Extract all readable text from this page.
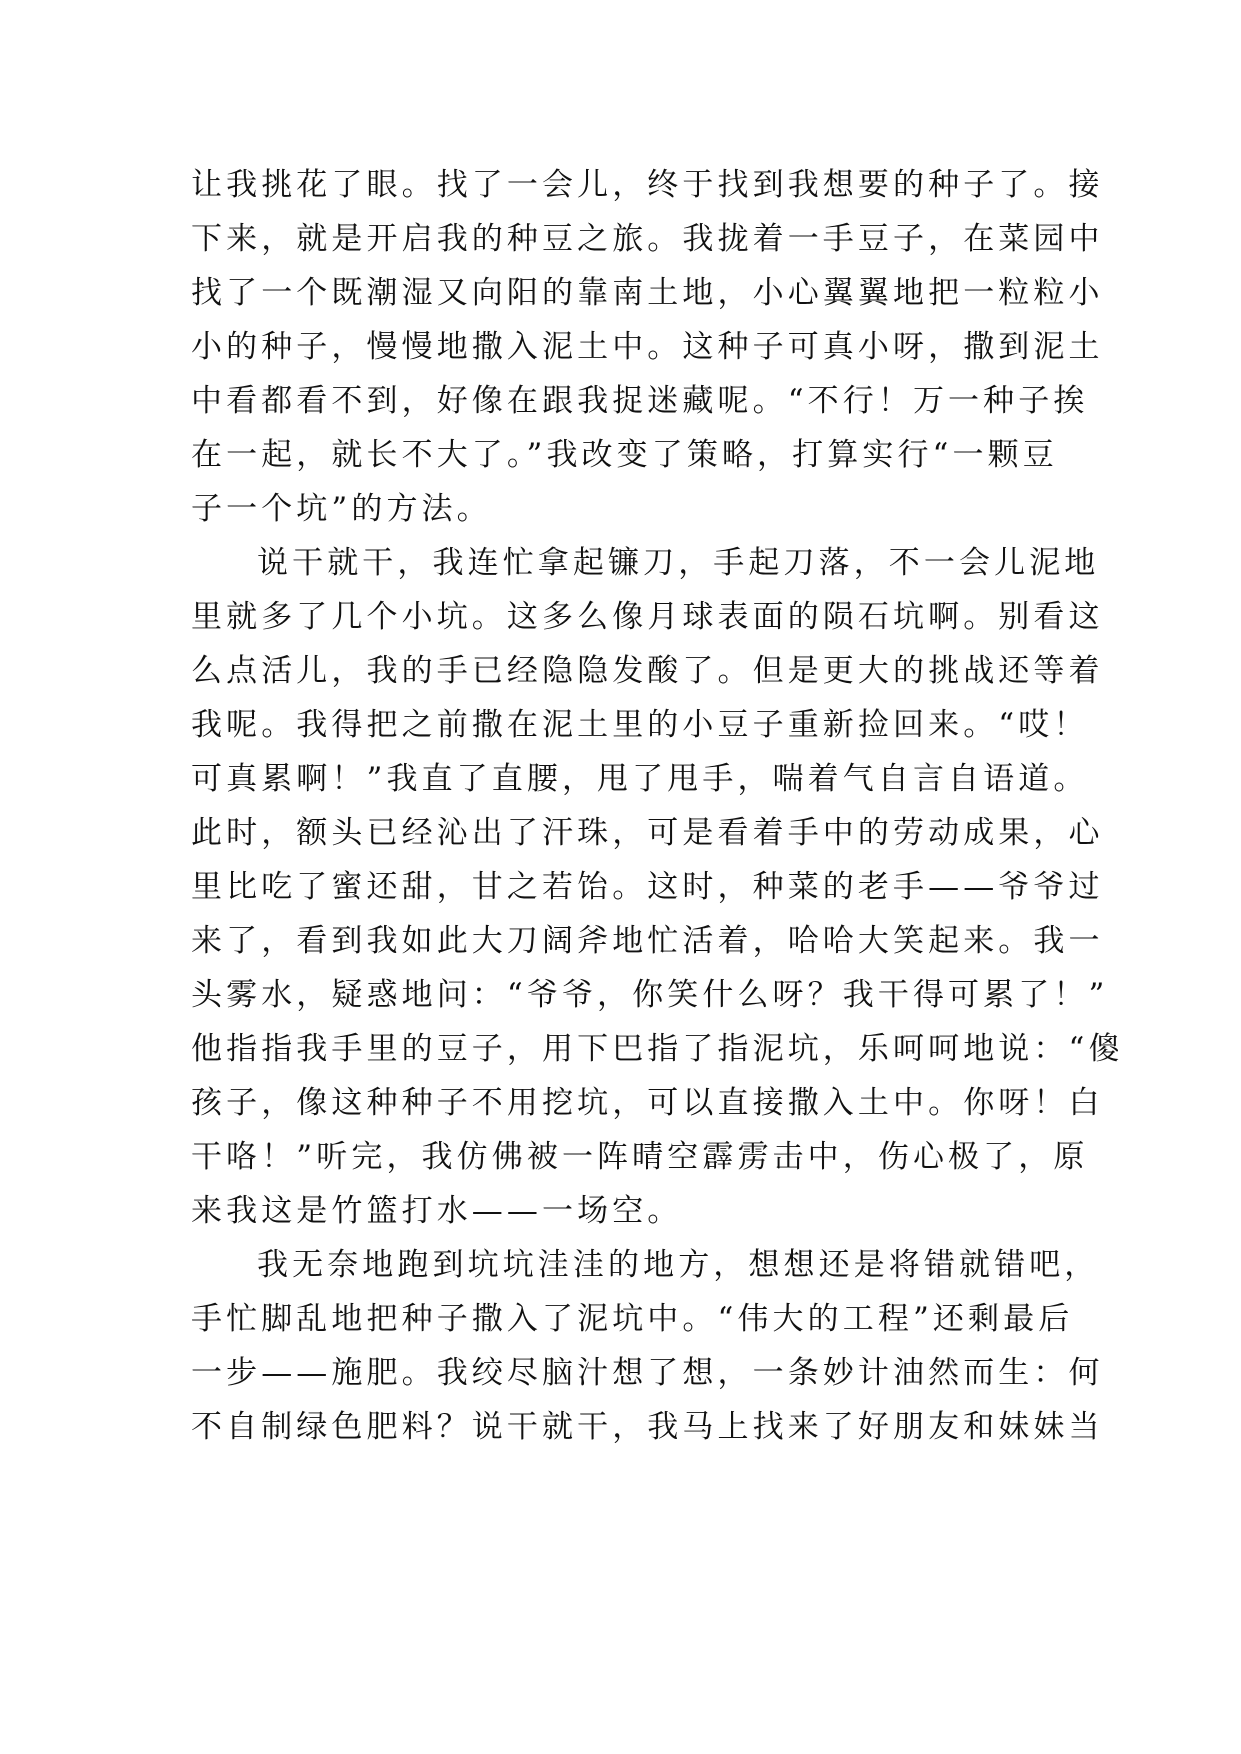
让我挑花了眼。找了一会儿，终于找到我想要的种子了。接
下来，就是开启我的种豆之旅。我拢着一手豆子，在菜园中
找了一个既潮湿又向阳的靠南土地，小心翼翼地把一粒粒小
小的种子，慢慢地撒入泥土中。这种子可真小呀，撒到泥土
中看都看不到，好像在跟我捉迷藏呢。“不行！万一种子挨
在一起，就长不大了。”我改变了策略，打算实行“一颗豆
子一个坑”的方法。
说干就干，我连忙拿起镰刀，手起刀落，不一会儿泥地
里就多了几个小坑。这多么像月球表面的陨石坑啊。别看这
么点活儿，我的手已经隐隐发酸了。但是更大的挑战还等着
我呢。我得把之前撒在泥土里的小豆子重新捡回来。“哎！
可真累啊！”我直了直腰，甩了甩手，喘着气自言自语道。
此时，额头已经沁出了汗珠，可是看着手中的劳动成果，心
里比吃了蜜还甜，甘之若饴。这时，种菜的老手——爷爷过
来了，看到我如此大刀阔斧地忙活着，哈哈大笑起来。我一
头雾水，疑惑地问：“爷爷，你笑什么呀？我干得可累了！”
他指指我手里的豆子，用下巴指了指泥坑，乐呵呵地说：“傻
孩子，像这种种子不用挖坑，可以直接撒入土中。你呀！白
干咯！”听完，我仿佛被一阵晴空霹雳击中，伤心极了，原
来我这是竹篮打水——一场空。
我无奈地跑到坑坑洼洼的地方，想想还是将错就错吧，
手忙脚乱地把种子撒入了泥坑中。“伟大的工程”还剩最后
一步——施肥。我绞尽脑汁想了想，一条妙计油然而生：何
不自制绿色肥料？说干就干，我马上找来了好朋友和妹妹当
